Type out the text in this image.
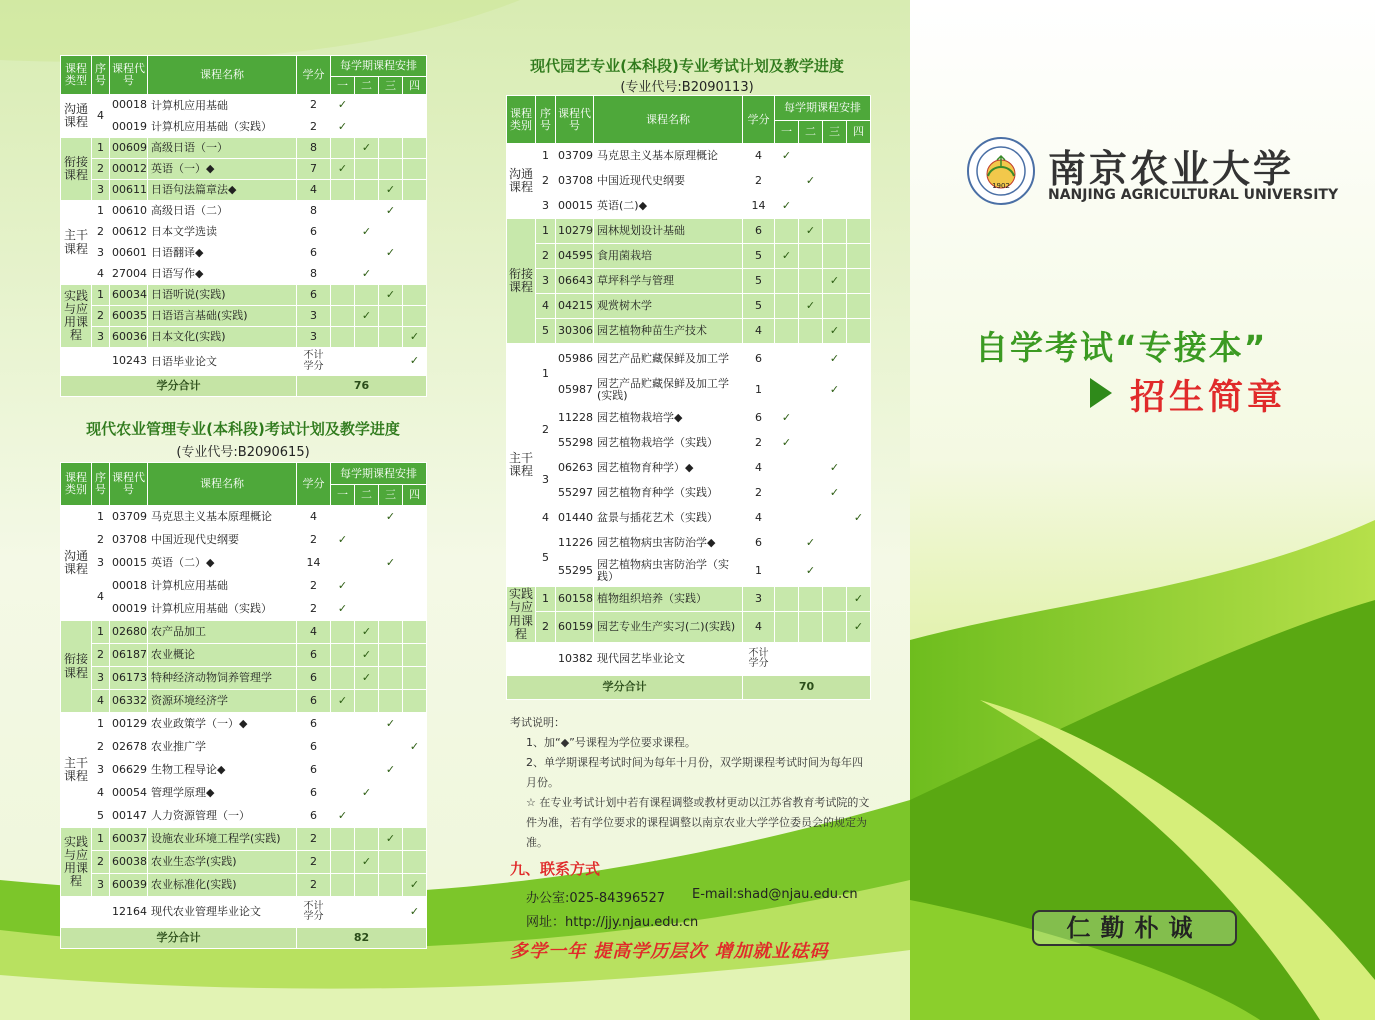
课程类型	序号	课程代号	课程名称	学分	每学期课程安排			
					一	二	三	四
沟通课程	4	00018	计算机应用基础	2	✓			
		00019	计算机应用基础（实践）	2	✓			
衔接课程	1	00609	高级日语（一）	8		✓		
	2	00012	英语（一）◆	7	✓			
	3	00611	日语句法篇章法◆	4			✓	
主干课程	1	00610	高级日语（二）	8			✓	
	2	00612	日本文学选读	6		✓		
	3	00601	日语翻译◆	6			✓	
	4	27004	日语写作◆	8		✓		
实践与应用课程	1	60034	日语听说(实践)	6			✓	
	2	60035	日语语言基础(实践)	3		✓		
	3	60036	日本文化(实践)	3				✓
		10243	日语毕业论文	不计学分				✓
学分合计				76				
现代农业管理专业(本科段)考试计划及教学进度
(专业代号:B2090615)
课程类别	序号	课程代号	课程名称	学分	每学期课程安排			
					一	二	三	四
沟通课程	1	03709	马克思主义基本原理概论	4			✓	
	2	03708	中国近现代史纲要	2	✓			
	3	00015	英语（二）◆	14			✓	
	4	00018	计算机应用基础	2	✓			
		00019	计算机应用基础（实践）	2	✓			
衔接课程	1	02680	农产品加工	4		✓		
	2	06187	农业概论	6		✓		
	3	06173	特种经济动物饲养管理学	6		✓		
	4	06332	资源环境经济学	6	✓			
主干课程	1	00129	农业政策学（一）◆	6			✓	
	2	02678	农业推广学	6				✓
	3	06629	生物工程导论◆	6			✓	
	4	00054	管理学原理◆	6		✓		
	5	00147	人力资源管理（一）	6	✓			
实践与应用课程	1	60037	设施农业环境工程学(实践)	2			✓	
	2	60038	农业生态学(实践)	2		✓		
	3	60039	农业标准化(实践)	2				✓
		12164	现代农业管理毕业论文	不计学分				✓
学分合计				82				
现代园艺专业(本科段)专业考试计划及教学进度
(专业代号:B2090113)
课程类别	序号	课程代号	课程名称	学分	每学期课程安排			
					一	二	三	四
沟通课程	1	03709	马克思主义基本原理概论	4	✓			
	2	03708	中国近现代史纲要	2		✓		
	3	00015	英语(二)◆	14	✓			
衔接课程	1	10279	园林规划设计基础	6		✓		
	2	04595	食用菌栽培	5	✓			
	3	06643	草坪科学与管理	5			✓	
	4	04215	观赏树木学	5		✓		
	5	30306	园艺植物种苗生产技术	4			✓	
主干课程	1	05986	园艺产品贮藏保鲜及加工学	6			✓	
		05987	园艺产品贮藏保鲜及加工学(实践)	1			✓	
	2	11228	园艺植物栽培学◆	6	✓			
		55298	园艺植物栽培学（实践）	2	✓			
	3	06263	园艺植物育种学）◆	4			✓	
		55297	园艺植物育种学（实践）	2			✓	
	4	01440	盆景与插花艺术（实践）	4				✓
	5	11226	园艺植物病虫害防治学◆	6		✓		
		55295	园艺植物病虫害防治学（实践）	1		✓		
实践与应用课程	1	60158	植物组织培养（实践）	3				✓
	2	60159	园艺专业生产实习(二)(实践)	4				✓
		10382	现代园艺毕业论文	不计学分				
学分合计				70				
考试说明：
1、加“◆”号课程为学位要求课程。
2、单学期课程考试时间为每年十月份，双学期课程考试时间为每年四月份。
☆ 在专业考试计划中若有课程调整或教材更动以江苏省教育考试院的文件为准，若有学位要求的课程调整以南京农业大学学位委员会的规定为准。
九、联系方式
办公室:025-84396527 E-mail:shad@njau.edu.cn
网址：http://jjy.njau.edu.cn
多学一年 提高学历层次 增加就业砝码
1902 南京农业大学
NANJING AGRICULTURAL UNIVERSITY
自学考试“专接本”
招生简章
仁勤朴诚
